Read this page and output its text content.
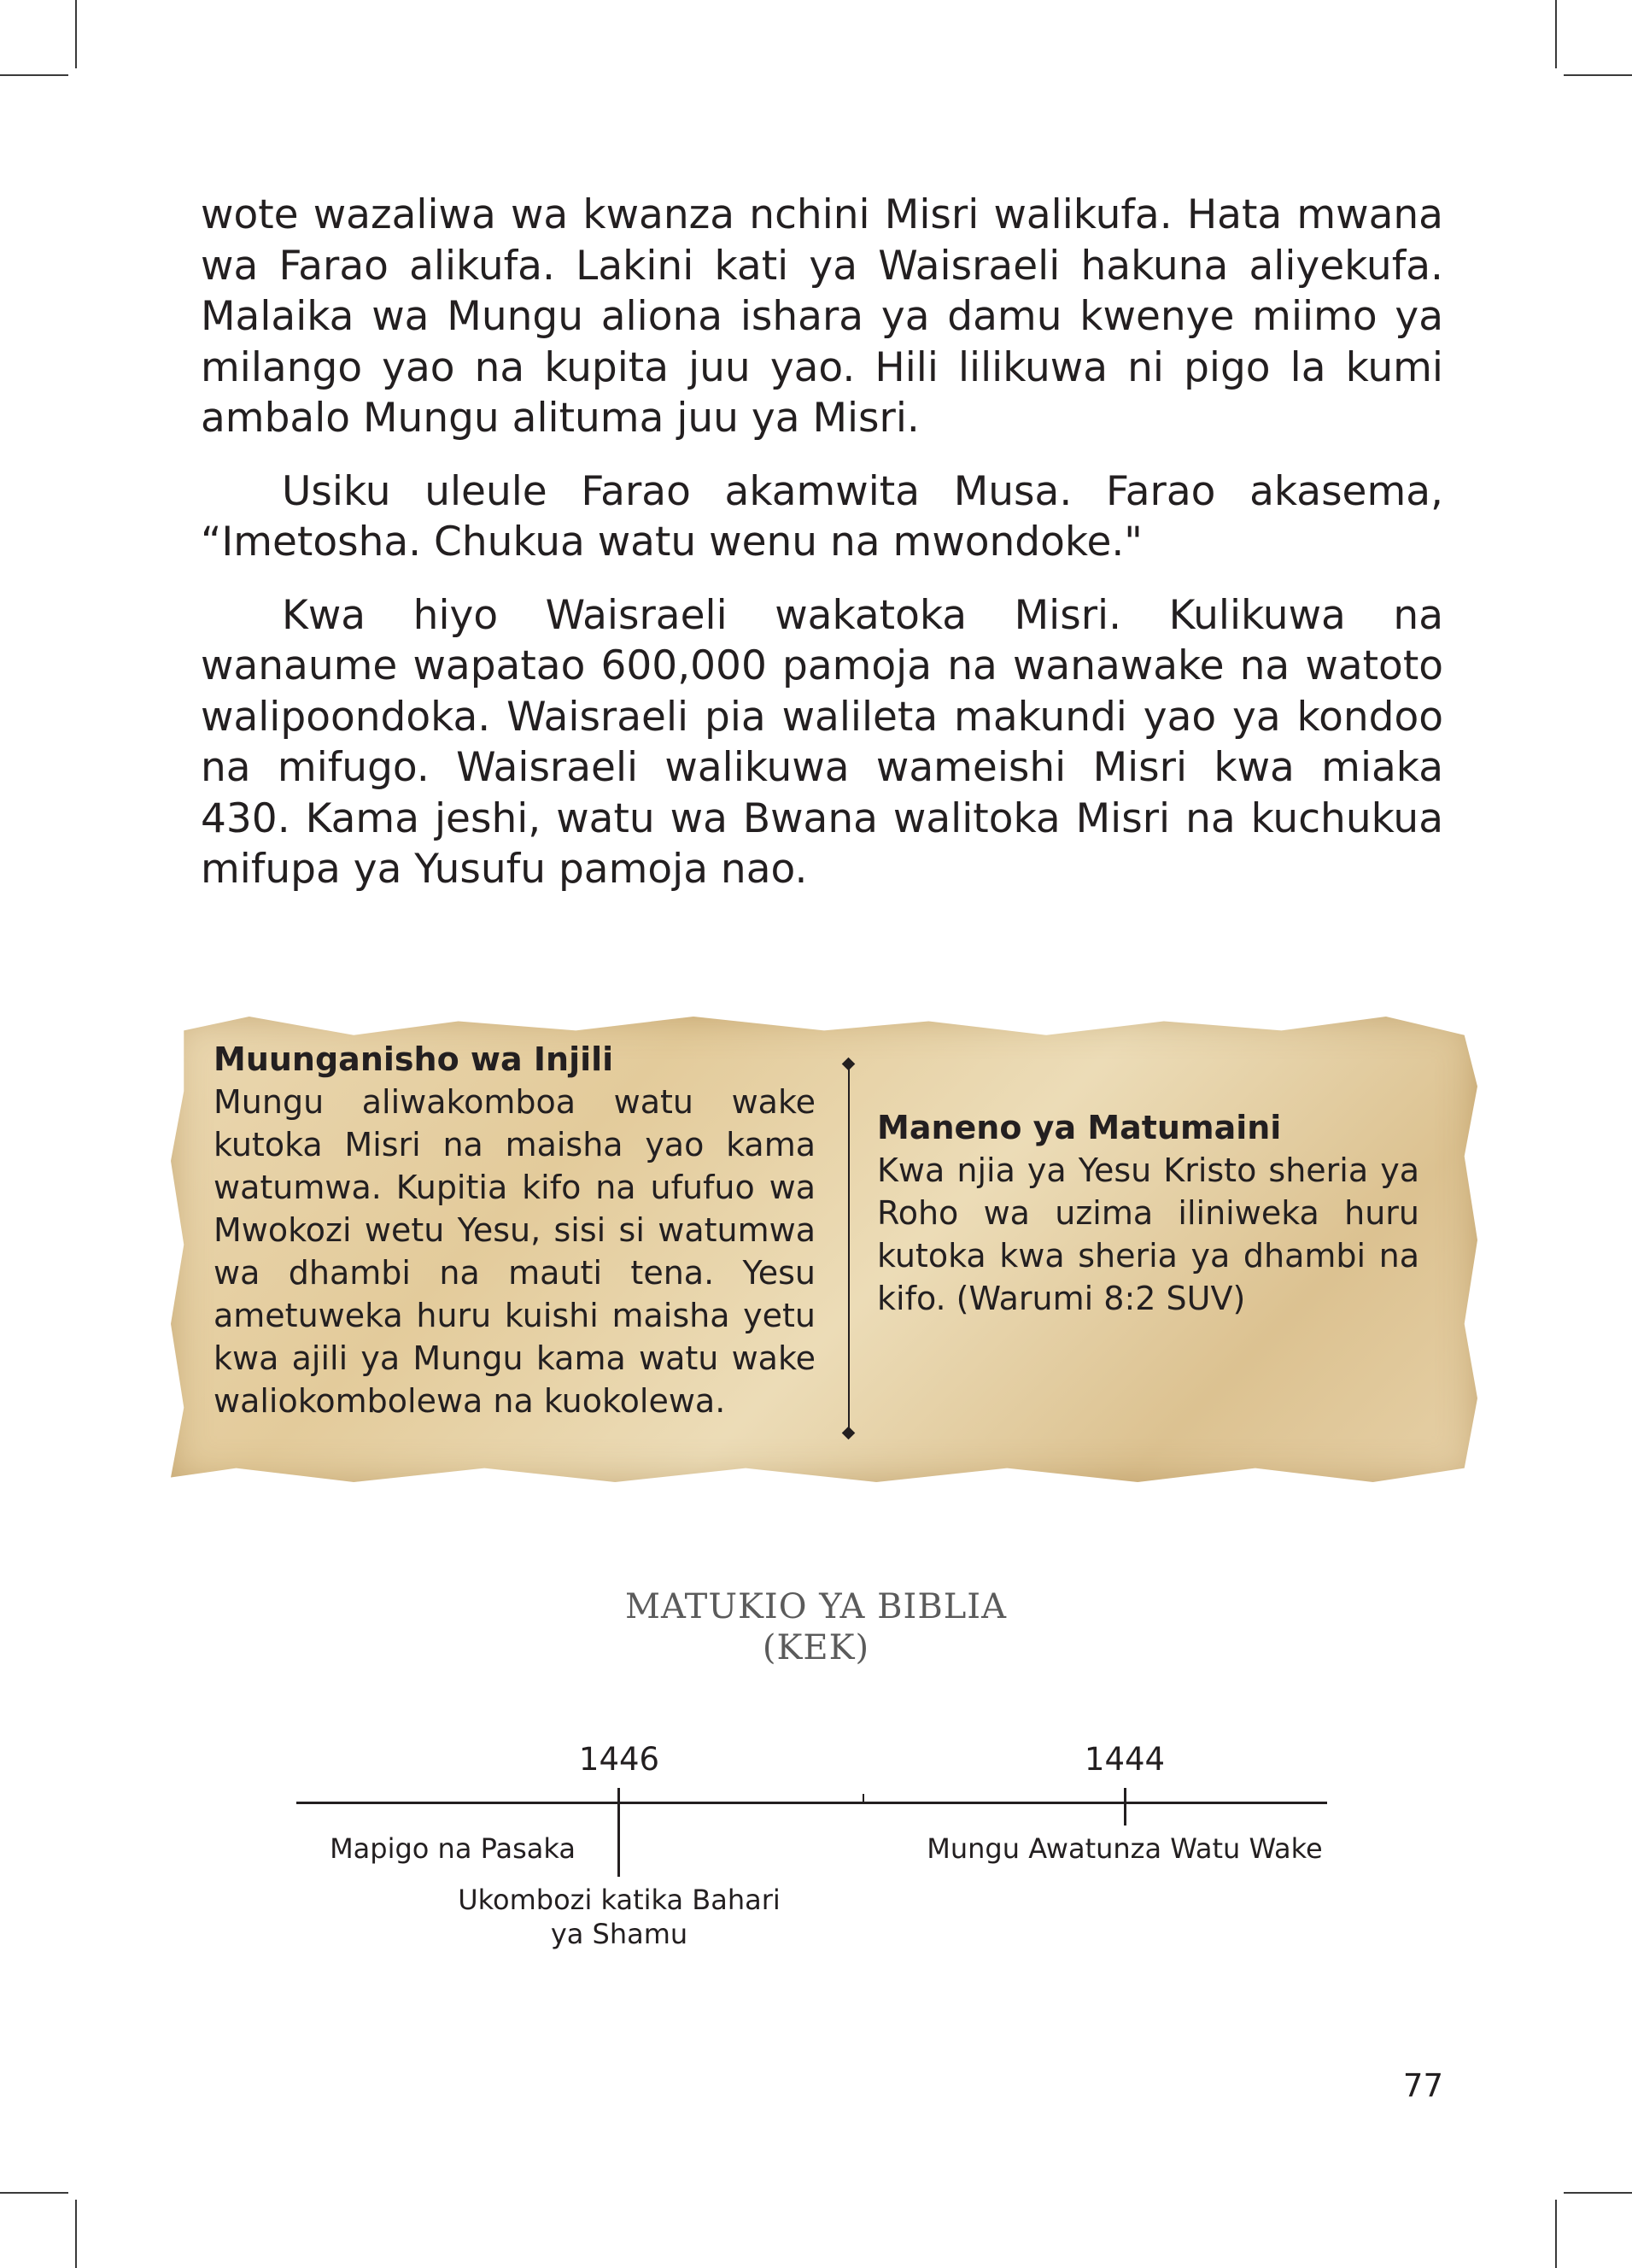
wote wazaliwa wa kwanza nchini Misri walikufa. Hata mwana wa Farao alikufa. Lakini kati ya Waisraeli hakuna aliyekufa. Malaika wa Mungu aliona ishara ya damu kwenye miimo ya milango yao na kupita juu yao. Hili lilikuwa ni pigo la kumi ambalo Mungu alituma juu ya Misri.

Usiku uleule Farao akamwita Musa. Farao akasema, “Imetosha. Chukua watu wenu na mwondoke."

Kwa hiyo Waisraeli wakatoka Misri. Kulikuwa na wanaume wapatao 600,000 pamoja na wanawake na watoto walipoondoka. Waisraeli pia walileta makundi yao ya kondoo na mifugo. Waisraeli walikuwa wameishi Misri kwa miaka 430. Kama jeshi, watu wa Bwana walitoka Misri na kuchukua mifupa ya Yusufu pamoja nao.

Muunganisho wa Injili
Mungu aliwakomboa watu wake kutoka Misri na maisha yao kama watumwa. Kupitia kifo na ufufuo wa Mwokozi wetu Yesu, sisi si watumwa wa dhambi na mauti tena. Yesu ametuweka huru kuishi maisha yetu kwa ajili ya Mungu kama watu wake waliokombolewa na kuokolewa.
Maneno ya Matumaini
Kwa njia ya Yesu Kristo sheria ya Roho wa uzima iliniweka huru kutoka kwa sheria ya dhambi na kifo. (Warumi 8:2 SUV)
MATUKIO YA BIBLIA
(KEK)
1446	1444
Mapigo na Pasaka
Ukombozi katika Bahari
ya Shamu
Mungu Awatunza Watu Wake
77
